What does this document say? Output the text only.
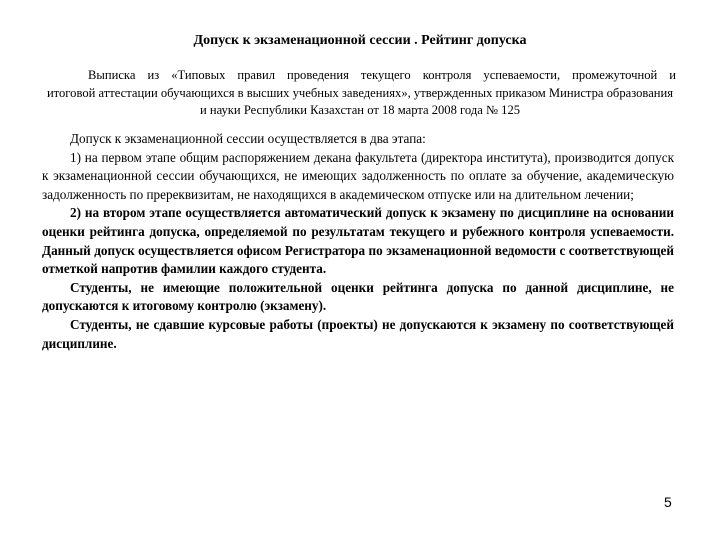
Допуск к экзаменационной сессии . Рейтинг допуска
Выписка из «Типовых правил проведения текущего контроля успеваемости, промежуточной и
итоговой аттестации обучающихся в высших учебных заведениях», утвержденных приказом Министра образования и науки Республики Казахстан от 18 марта 2008 года № 125

Допуск к экзаменационной сессии осуществляется в два этапа:

1) на первом этапе общим распоряжением декана факультета (директора института), производится допуск к экзаменационной сессии обучающихся, не имеющих задолженность по оплате за обучение, академическую задолженность по пререквизитам, не находящихся в академическом отпуске или на длительном лечении;

2) на втором этапе осуществляется автоматический допуск к экзамену по дисциплине на основании оценки рейтинга допуска, определяемой по результатам текущего и рубежного контроля успеваемости. Данный допуск осуществляется офисом Регистратора по экзаменационной ведомости с соответствующей отметкой напротив фамилии каждого студента.

Студенты, не имеющие положительной оценки рейтинга допуска по данной дисциплине, не допускаются к итоговому контролю (экзамену).

Студенты, не сдавшие курсовые работы (проекты) не допускаются к экзамену по соответствующей дисциплине.

5
